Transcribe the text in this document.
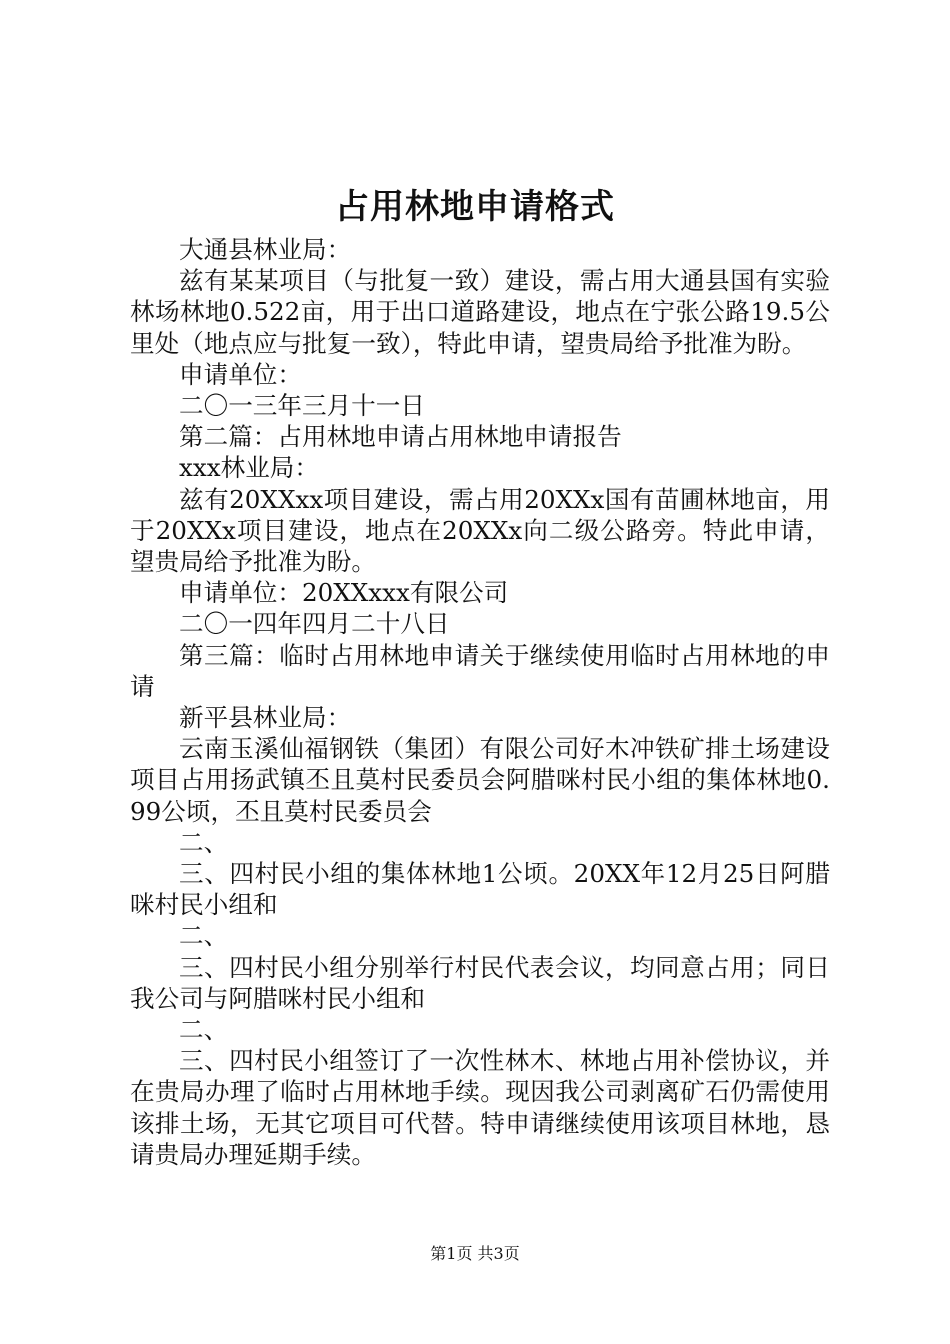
占用林地申请格式

大通县林业局：

兹有某某项目（与批复一致）建设，需占用大通县国有实验林场林地0.522亩，用于出口道路建设，地点在宁张公路19.5公里处（地点应与批复一致），特此申请，望贵局给予批准为盼。

申请单位：

二〇一三年三月十一日

第二篇：占用林地申请占用林地申请报告

xxx林业局：

兹有20XXxx项目建设，需占用20XXx国有苗圃林地亩，用于20XXx项目建设，地点在20XXx向二级公路旁。特此申请，望贵局给予批准为盼。

申请单位：20XXxxx有限公司

二〇一四年四月二十八日

第三篇：临时占用林地申请关于继续使用临时占用林地的申请

新平县林业局：

云南玉溪仙福钢铁（集团）有限公司好木冲铁矿排土场建设项目占用扬武镇丕且莫村民委员会阿腊咪村民小组的集体林地0.99公顷，丕且莫村民委员会

二、

三、四村民小组的集体林地1公顷。20XX年12月25日阿腊咪村民小组和

二、

三、四村民小组分别举行村民代表会议，均同意占用；同日我公司与阿腊咪村民小组和

二、

三、四村民小组签订了一次性林木、林地占用补偿协议，并在贵局办理了临时占用林地手续。现因我公司剥离矿石仍需使用该排土场，无其它项目可代替。特申请继续使用该项目林地，恳请贵局办理延期手续。

第1页 共3页
